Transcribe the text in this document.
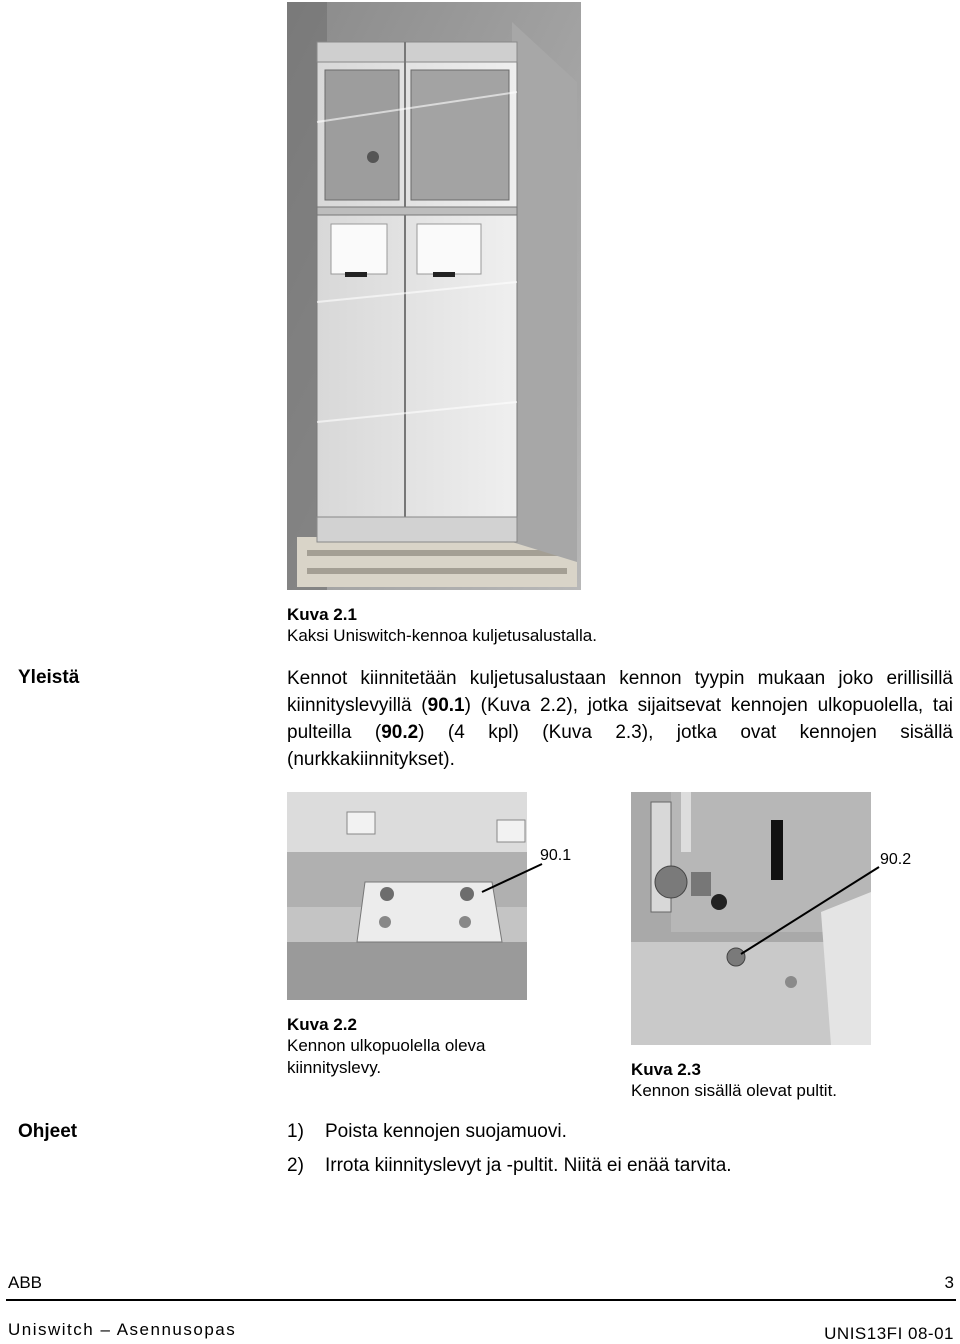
Kuva 2.1
Kaksi Uniswitch-kennoa kuljetusalustalla.
Yleistä	Kennot kiinnitetään kuljetusalustaan kennon tyypin mukaan joko erillisillä kiinnityslevyillä (90.1) (Kuva 2.2), jotka sijaitsevat kennojen ulkopuolella, tai pulteilla (90.2) (4 kpl) (Kuva 2.3), jotka ovat kennojen sisällä (nurkkakiinnitykset).
90.1
Kuva 2.2
Kennon ulkopuolella oleva
kiinnityslevy.
90.2
Kuva 2.3
Kennon sisällä olevat pultit.
Ohjeet	1) Poista kennojen suojamuovi.
2) Irrota kiinnityslevyt ja -pultit. Niitä ei enää tarvita.
ABB	3
Uniswitch – Asennusopas	UNIS13FI 08-01
